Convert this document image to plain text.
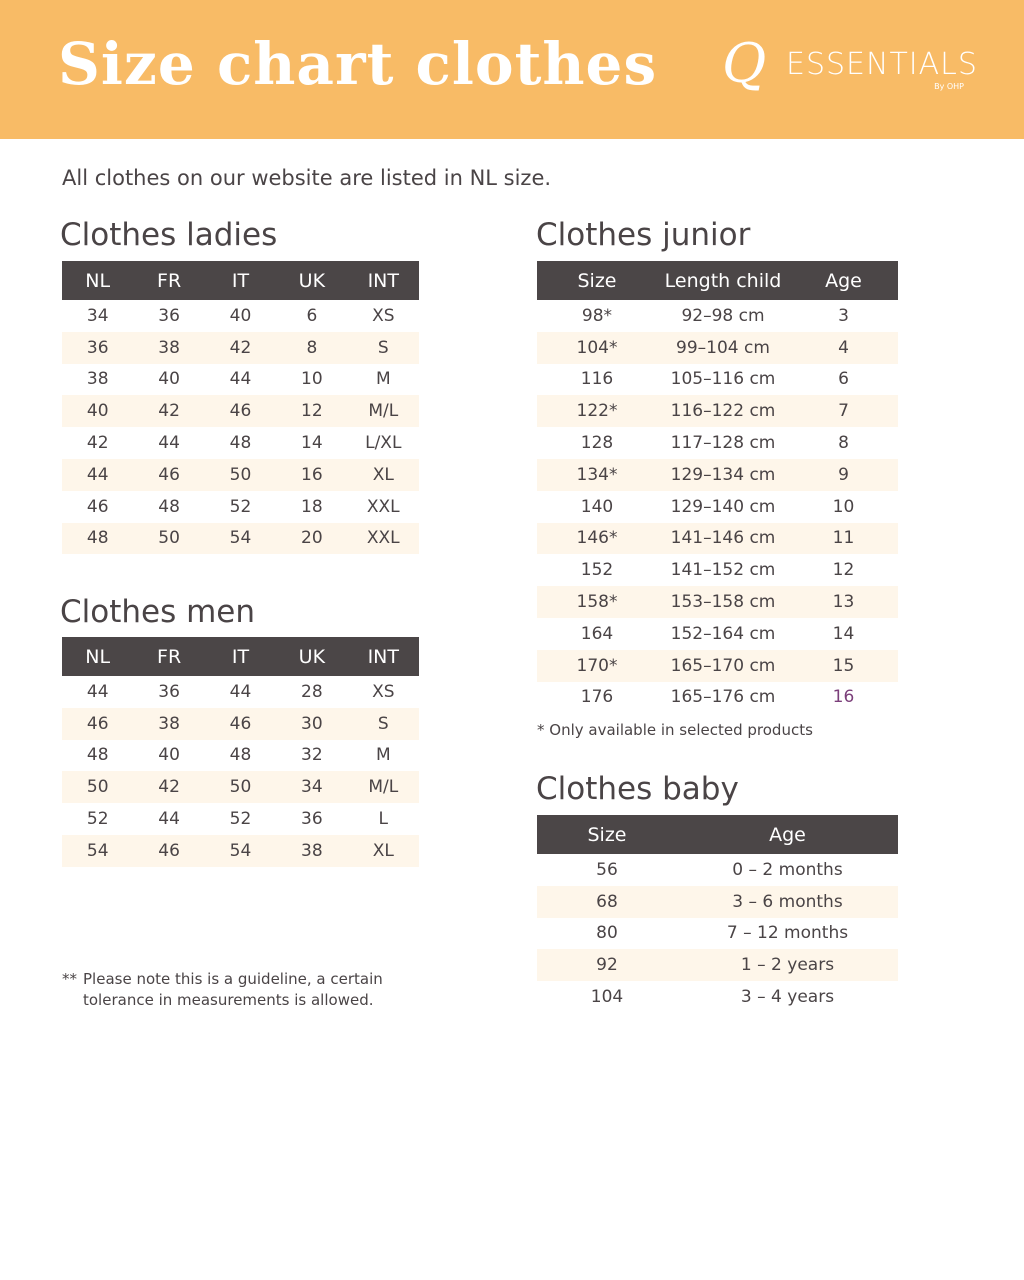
Size chart clothes Q ESSENTIALS
By OHP
All clothes on our website are listed in NL size.
Clothes ladies
NL	FR	IT	UK	INT
34	36	40	6	XS
36	38	42	8	S
38	40	44	10	M
40	42	46	12	M/L
42	44	48	14	L/XL
44	46	50	16	XL
46	48	52	18	XXL
48	50	54	20	XXL
Clothes men
NL	FR	IT	UK	INT
44	36	44	28	XS
46	38	46	30	S
48	40	48	32	M
50	42	50	34	M/L
52	44	52	36	L
54	46	54	38	XL
Clothes junior
Size	Length child	Age
98*	92–98 cm	3
104*	99–104 cm	4
116	105–116 cm	6
122*	116–122 cm	7
128	117–128 cm	8
134*	129–134 cm	9
140	129–140 cm	10
146*	141–146 cm	11
152	141–152 cm	12
158*	153–158 cm	13
164	152–164 cm	14
170*	165–170 cm	15
176	165–176 cm	16
* Only available in selected products
Clothes baby
Size	Age
56	0 – 2 months
68	3 – 6 months
80	7 – 12 months
92	1 – 2 years
104	3 – 4 years
** Please note this is a guideline, a certain
tolerance in measurements is allowed.
